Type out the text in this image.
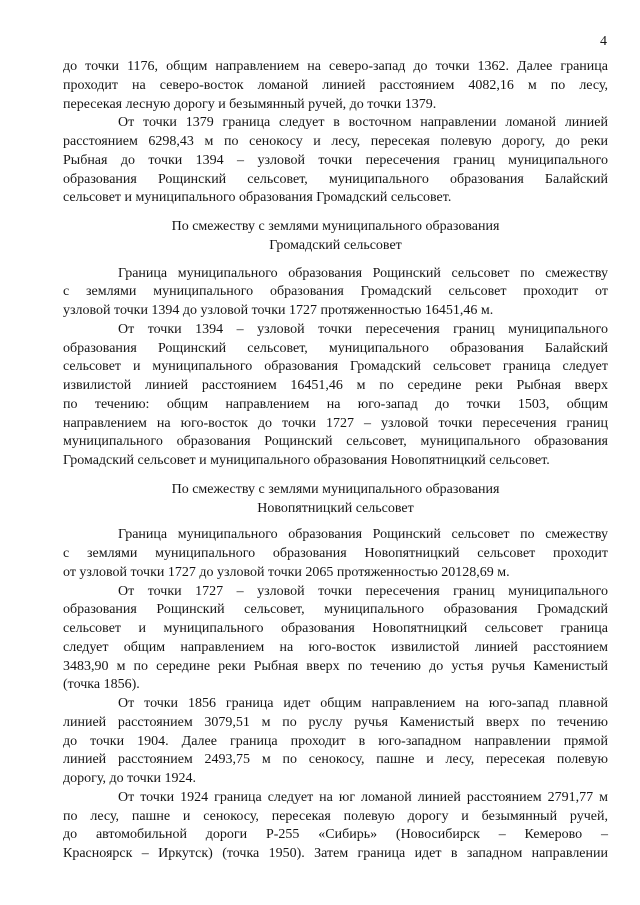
4
до точки 1176, общим направлением на северо-запад до точки 1362. Далее граница
проходит на северо-восток ломаной линией расстоянием 4082,16 м по лесу,
пересекая лесную дорогу и безымянный ручей, до точки 1379.
От точки 1379 граница следует в восточном направлении ломаной линией
расстоянием 6298,43 м по сенокосу и лесу, пересекая полевую дорогу, до реки
Рыбная до точки 1394 – узловой точки пересечения границ муниципального
образования Рощинский сельсовет, муниципального образования Балайский
сельсовет и муниципального образования Громадский сельсовет.
По смежеству с землями муниципального образования
Громадский сельсовет
Граница муниципального образования Рощинский сельсовет по смежеству
с землями муниципального образования Громадский сельсовет проходит от
узловой точки 1394 до узловой точки 1727 протяженностью 16451,46 м.
От точки 1394 – узловой точки пересечения границ муниципального
образования Рощинский сельсовет, муниципального образования Балайский
сельсовет и муниципального образования Громадский сельсовет граница следует
извилистой линией расстоянием 16451,46 м по середине реки Рыбная вверх
по течению: общим направлением на юго-запад до точки 1503, общим
направлением на юго-восток до точки 1727 – узловой точки пересечения границ
муниципального образования Рощинский сельсовет, муниципального образования
Громадский сельсовет и муниципального образования Новопятницкий сельсовет.
По смежеству с землями муниципального образования
Новопятницкий сельсовет
Граница муниципального образования Рощинский сельсовет по смежеству
с землями муниципального образования Новопятницкий сельсовет проходит
от узловой точки 1727 до узловой точки 2065 протяженностью 20128,69 м.
От точки 1727 – узловой точки пересечения границ муниципального
образования Рощинский сельсовет, муниципального образования Громадский
сельсовет и муниципального образования Новопятницкий сельсовет граница
следует общим направлением на юго-восток извилистой линией расстоянием
3483,90 м по середине реки Рыбная вверх по течению до устья ручья Каменистый
(точка 1856).
От точки 1856 граница идет общим направлением на юго-запад плавной
линией расстоянием 3079,51 м по руслу ручья Каменистый вверх по течению
до точки 1904. Далее граница проходит в юго-западном направлении прямой
линией расстоянием 2493,75 м по сенокосу, пашне и лесу, пересекая полевую
дорогу, до точки 1924.
От точки 1924 граница следует на юг ломаной линией расстоянием 2791,77 м
по лесу, пашне и сенокосу, пересекая полевую дорогу и безымянный ручей,
до автомобильной дороги Р-255 «Сибирь» (Новосибирск – Кемерово –
Красноярск – Иркутск) (точка 1950). Затем граница идет в западном направлении
